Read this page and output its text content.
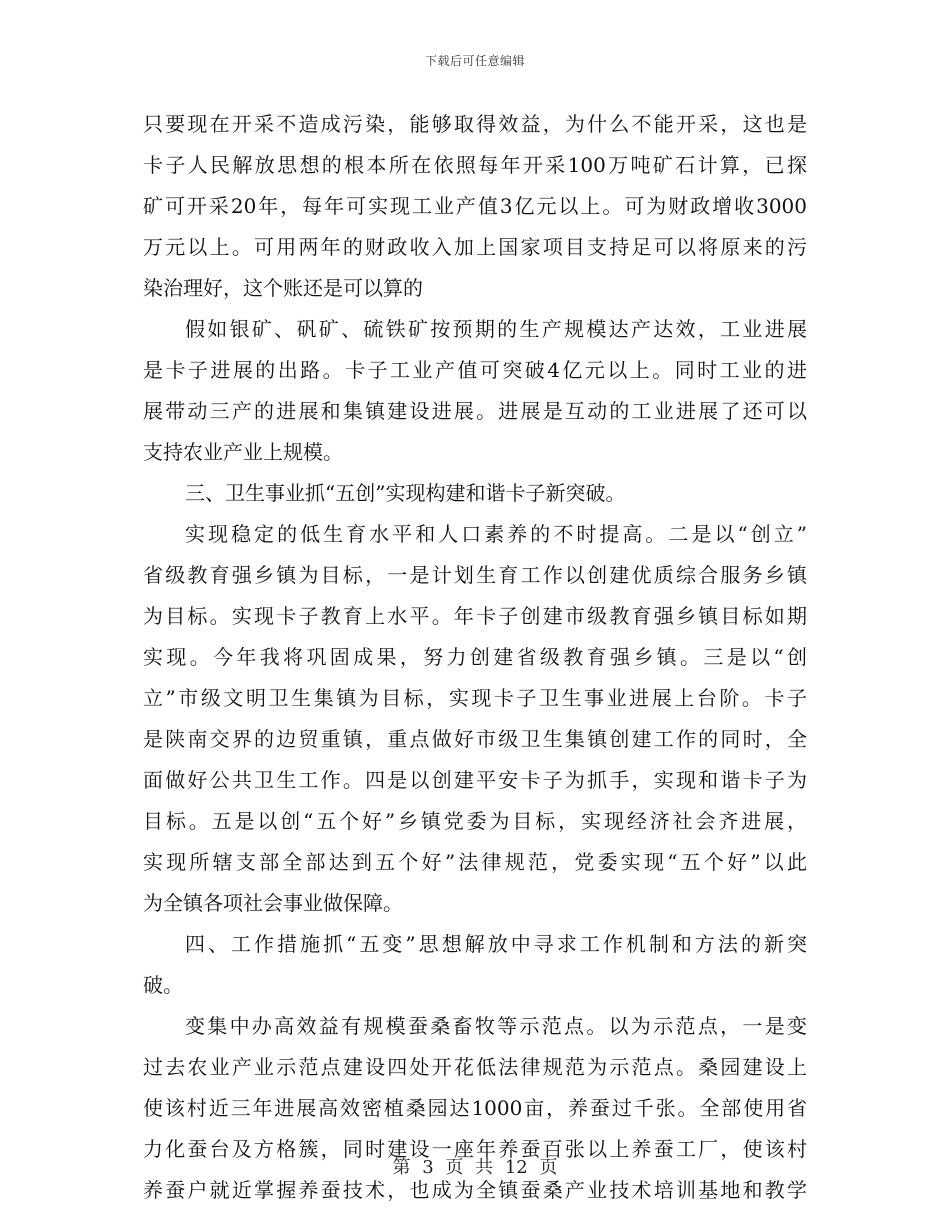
下载后可任意编辑
只要现在开采不造成污染，能够取得效益，为什么不能开采，这也是
卡子人民解放思想的根本所在依照每年开采100万吨矿石计算，已探
矿可开采20年，每年可实现工业产值3亿元以上。可为财政增收3000
万元以上。可用两年的财政收入加上国家项目支持足可以将原来的污
染治理好，这个账还是可以算的
假如银矿、矾矿、硫铁矿按预期的生产规模达产达效，工业进展
是卡子进展的出路。卡子工业产值可突破4亿元以上。同时工业的进
展带动三产的进展和集镇建设进展。进展是互动的工业进展了还可以
支持农业产业上规模。
三、卫生事业抓“五创”实现构建和谐卡子新突破。
实现稳定的低生育水平和人口素养的不时提高。二是以“创立”
省级教育强乡镇为目标，一是计划生育工作以创建优质综合服务乡镇
为目标。实现卡子教育上水平。年卡子创建市级教育强乡镇目标如期
实现。今年我将巩固成果，努力创建省级教育强乡镇。三是以“创
立”市级文明卫生集镇为目标，实现卡子卫生事业进展上台阶。卡子
是陕南交界的边贸重镇，重点做好市级卫生集镇创建工作的同时，全
面做好公共卫生工作。四是以创建平安卡子为抓手，实现和谐卡子为
目标。五是以创“五个好”乡镇党委为目标，实现经济社会齐进展，
实现所辖支部全部达到五个好”法律规范，党委实现“五个好”以此
为全镇各项社会事业做保障。
四、工作措施抓“五变”思想解放中寻求工作机制和方法的新突
破。
变集中办高效益有规模蚕桑畜牧等示范点。以为示范点，一是变
过去农业产业示范点建设四处开花低法律规范为示范点。桑园建设上
使该村近三年进展高效密植桑园达1000亩，养蚕过千张。全部使用省
力化蚕台及方格簇，同时建设一座年养蚕百张以上养蚕工厂，使该村
养蚕户就近掌握养蚕技术，也成为全镇蚕桑产业技术培训基地和教学
第 3 页 共 12 页
